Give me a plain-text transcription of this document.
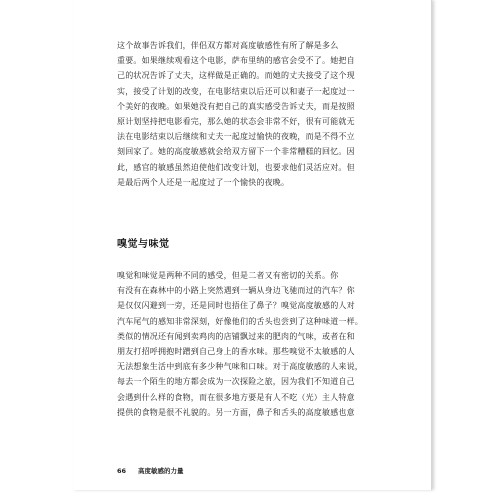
这个故事告诉我们，伴侣双方都对高度敏感性有所了解是多么
重要。如果继续观看这个电影，萨布里纳的感官会受不了。她把自
己的状况告诉了丈夫，这样做是正确的。而她的丈夫接受了这个现
实，接受了计划的改变，在电影结束以后还可以和妻子一起度过一
个美好的夜晚。如果她没有把自己的真实感受告诉丈夫，而是按照
原计划坚持把电影看完，那么她的状态会非常不好，很有可能就无
法在电影结束以后继续和丈夫一起度过愉快的夜晚，而是不得不立
刻回家了。她的高度敏感就会给双方留下一个非常糟糕的回忆。因
此，感官的敏感虽然迫使他们改变计划，也要求他们灵活应对。但
是最后两个人还是一起度过了一个愉快的夜晚。
嗅觉与味觉
嗅觉和味觉是两种不同的感受，但是二者又有密切的关系。你
有没有在森林中的小路上突然遇到一辆从身边飞驰而过的汽车？你
是仅仅闪避到一旁，还是同时也捂住了鼻子？嗅觉高度敏感的人对
汽车尾气的感知非常深刻，好像他们的舌头也尝到了这种味道一样。
类似的情况还有闻到卖鸡肉的店铺飘过来的肥肉的气味，或者在和
朋友打招呼拥抱时蹭到自己身上的香水味。那些嗅觉不太敏感的人
无法想象生活中到底有多少种气味和口味。对于高度敏感的人来说，
每去一个陌生的地方都会成为一次探险之旅，因为我们不知道自己
会遇到什么样的食物，而在很多地方要是有人不吃（光）主人特意
提供的食物是很不礼貌的。另一方面，鼻子和舌头的高度敏感也意
66 高度敏感的力量
